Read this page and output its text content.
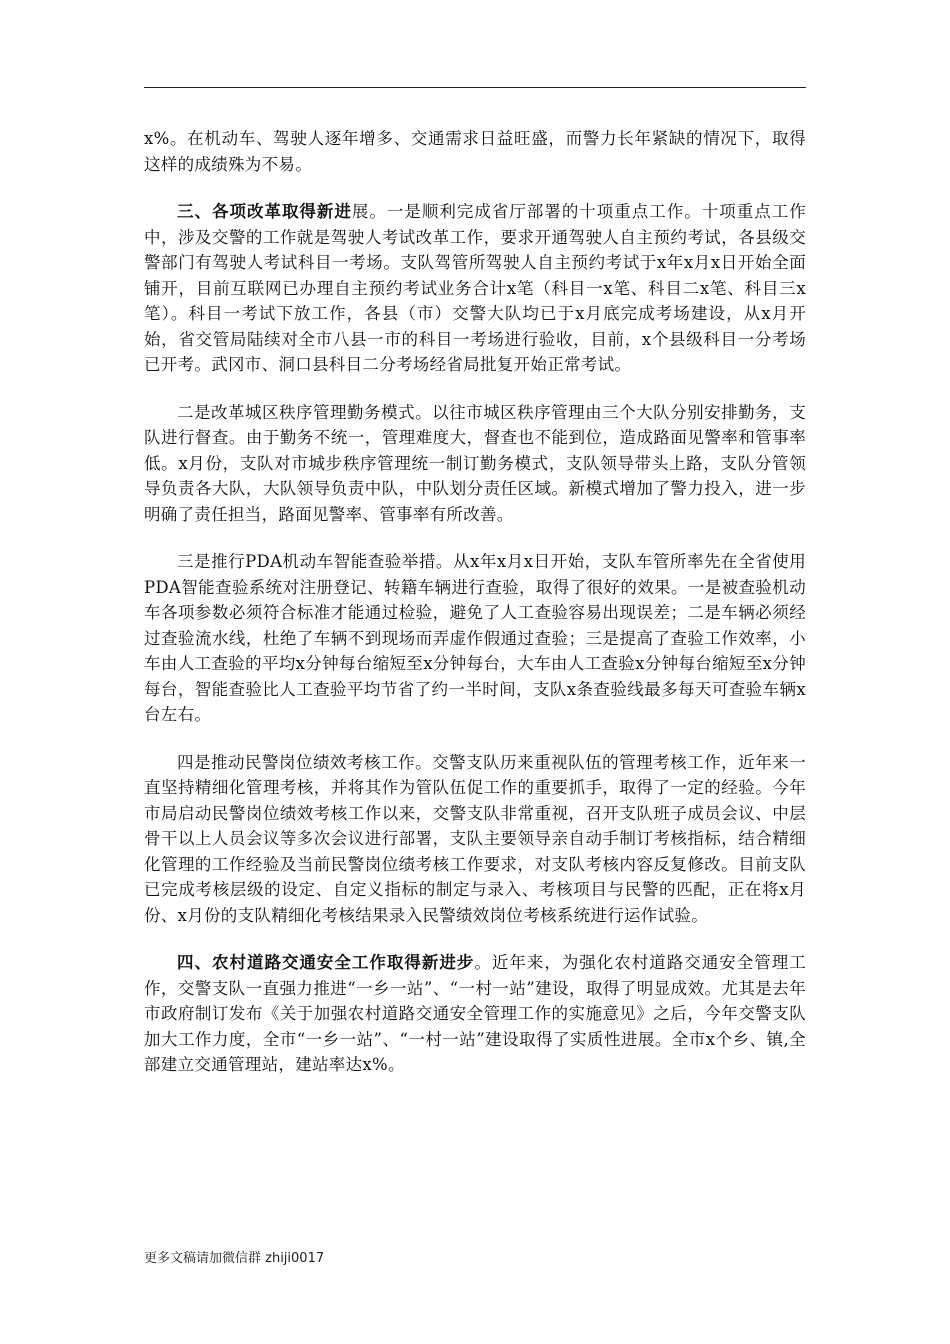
x%。在机动车、驾驶人逐年增多、交通需求日益旺盛，而警力长年紧缺的情况下，取得这样的成绩殊为不易。

三、各项改革取得新进展。一是顺利完成省厅部署的十项重点工作。十项重点工作中，涉及交警的工作就是驾驶人考试改革工作，要求开通驾驶人自主预约考试，各县级交警部门有驾驶人考试科目一考场。支队驾管所驾驶人自主预约考试于x年x月x日开始全面铺开，目前互联网已办理自主预约考试业务合计x笔（科目一x笔、科目二x笔、科目三x笔）。科目一考试下放工作，各县（市）交警大队均已于x月底完成考场建设，从x月开始，省交管局陆续对全市八县一市的科目一考场进行验收，目前，x个县级科目一分考场已开考。武冈市、洞口县科目二分考场经省局批复开始正常考试。

二是改革城区秩序管理勤务模式。以往市城区秩序管理由三个大队分别安排勤务，支队进行督查。由于勤务不统一，管理难度大，督查也不能到位，造成路面见警率和管事率低。x月份，支队对市城步秩序管理统一制订勤务模式，支队领导带头上路，支队分管领导负责各大队，大队领导负责中队，中队划分责任区域。新模式增加了警力投入，进一步明确了责任担当，路面见警率、管事率有所改善。

三是推行PDA机动车智能查验举措。从x年x月x日开始，支队车管所率先在全省使用PDA智能查验系统对注册登记、转籍车辆进行查验，取得了很好的效果。一是被查验机动车各项参数必须符合标准才能通过检验，避免了人工查验容易出现误差；二是车辆必须经过查验流水线，杜绝了车辆不到现场而弄虚作假通过查验；三是提高了查验工作效率，小车由人工查验的平均x分钟每台缩短至x分钟每台，大车由人工查验x分钟每台缩短至x分钟每台，智能查验比人工查验平均节省了约一半时间，支队x条查验线最多每天可查验车辆x台左右。

四是推动民警岗位绩效考核工作。交警支队历来重视队伍的管理考核工作，近年来一直坚持精细化管理考核，并将其作为管队伍促工作的重要抓手，取得了一定的经验。今年市局启动民警岗位绩效考核工作以来，交警支队非常重视，召开支队班子成员会议、中层骨干以上人员会议等多次会议进行部署，支队主要领导亲自动手制订考核指标，结合精细化管理的工作经验及当前民警岗位绩考核工作要求，对支队考核内容反复修改。目前支队已完成考核层级的设定、自定义指标的制定与录入、考核项目与民警的匹配，正在将x月份、x月份的支队精细化考核结果录入民警绩效岗位考核系统进行运作试验。

四、农村道路交通安全工作取得新进步。近年来，为强化农村道路交通安全管理工作，交警支队一直强力推进“一乡一站”、“一村一站”建设，取得了明显成效。尤其是去年市政府制订发布《关于加强农村道路交通安全管理工作的实施意见》之后，今年交警支队加大工作力度，全市“一乡一站”、“一村一站”建设取得了实质性进展。全市x个乡、镇,全部建立交通管理站，建站率达x%。

更多文稿请加微信群 zhiji0017
